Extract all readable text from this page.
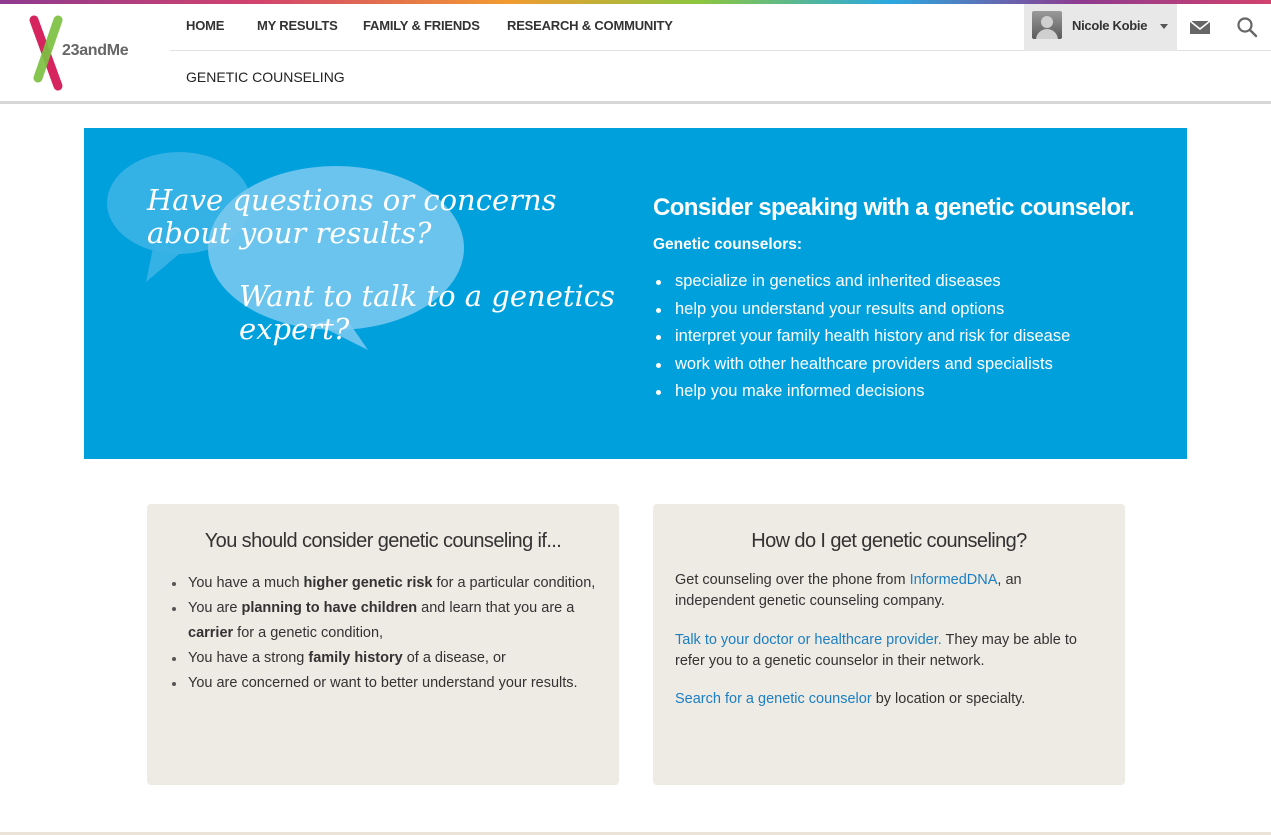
23andMe
HOME	MY RESULTS FAMILY & FRIENDS RESEARCH & COMMUNITY
GENETIC COUNSELING
Nicole Kobie
Have questions or concerns about your results?
Want to talk to a genetics expert?
Consider speaking with a genetic counselor.
Genetic counselors:
specialize in genetics and inherited diseases
help you understand your results and options
interpret your family health history and risk for disease
work with other healthcare providers and specialists
help you make informed decisions
You should consider genetic counseling if...
You have a much higher genetic risk for a particular condition,
You are planning to have children and learn that you are a carrier for a genetic condition,
You have a strong family history of a disease, or
You are concerned or want to better understand your results.
How do I get genetic counseling?

Get counseling over the phone from InformedDNA, an independent genetic counseling company.

Talk to your doctor or healthcare provider. They may be able to refer you to a genetic counselor in their network.

Search for a genetic counselor by location or specialty.
